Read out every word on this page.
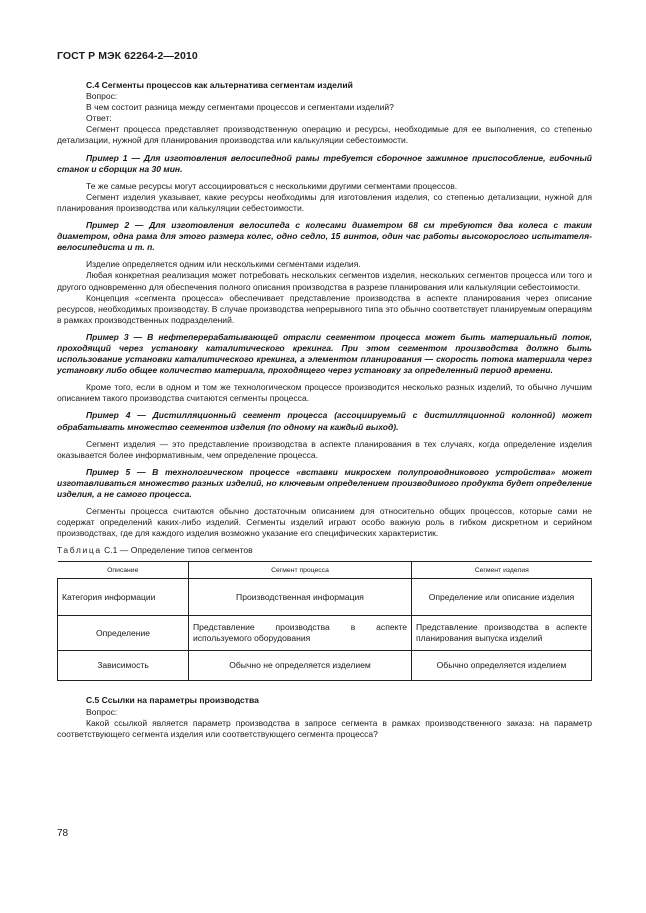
ГОСТ Р МЭК 62264-2—2010

С.4 Сегменты процессов как альтернатива сегментам изделий

Вопрос:

В чем состоит разница между сегментами процессов и сегментами изделий?

Ответ:

Сегмент процесса представляет производственную операцию и ресурсы, необходимые для ее выполнения, со степенью детализации, нужной для планирования производства или калькуляции себестоимости.

Пример 1 — Для изготовления велосипедной рамы требуется сборочное зажимное приспособление, гибочный станок и сборщик на 30 мин.

Те же самые ресурсы могут ассоциироваться с несколькими другими сегментами процессов.

Сегмент изделия указывает, какие ресурсы необходимы для изготовления изделия, со степенью детализации, нужной для планирования производства или калькуляции себестоимости.

Пример 2 — Для изготовления велосипеда с колесами диаметром 68 см требуются два колеса с таким диаметром, одна рама для этого размера колес, одно седло, 15 винтов, один час работы высокорослого испытателя-велосипедиста и т. п.

Изделие определяется одним или несколькими сегментами изделия.

Любая конкретная реализация может потребовать нескольких сегментов изделия, нескольких сегментов процесса или того и другого одновременно для обеспечения полного описания производства в разрезе планирования или калькуляции себестоимости.

Концепция «сегмента процесса» обеспечивает представление производства в аспекте планирования через описание ресурсов, необходимых производству. В случае производства непрерывного типа это обычно соответствует планируемым операциям в рамках производственных подразделений.

Пример 3 — В нефтеперерабатывающей отрасли сегментом процесса может быть материальный поток, проходящий через установку каталитического крекинга. При этом сегментом производства должно быть использование установки каталитического крекинга, а элементом планирования — скорость потока материала через установку либо общее количество материала, проходящего через установку за определенный период времени.

Кроме того, если в одном и том же технологическом процессе производится несколько разных изделий, то обычно лучшим описанием такого производства считаются сегменты процесса.

Пример 4 — Дистилляционный сегмент процесса (ассоциируемый с дистилляционной колонной) может обрабатывать множество сегментов изделия (по одному на каждый выход).

Сегмент изделия — это представление производства в аспекте планирования в тех случаях, когда определение изделия оказывается более информативным, чем определение процесса.

Пример 5 — В технологическом процессе «вставки микросхем полупроводникового устройства» может изготавливаться множество разных изделий, но ключевым определением производимого продукта будет определение изделия, а не самого процесса.

Сегменты процесса считаются обычно достаточным описанием для относительно общих процессов, которые сами не содержат определений каких-либо изделий. Сегменты изделий играют особо важную роль в гибком дискретном и серийном производствах, где для каждого изделия возможно указание его специфических характеристик.

Таблица С.1 — Определение типов сегментов

Описание	Сегмент процесса	Сегмент изделия
Категория информации	Производственная информация	Определение или описание изделия
Определение	Представление производства в аспекте используемого оборудования	Представление производства в аспекте планирования выпуска изделий
Зависимость	Обычно не определяется изделием	Обычно определяется изделием

С.5 Ссылки на параметры производства

Вопрос:

Какой ссылкой является параметр производства в запросе сегмента в рамках производственного заказа: на параметр соответствующего сегмента изделия или соответствующего сегмента процесса?

78
